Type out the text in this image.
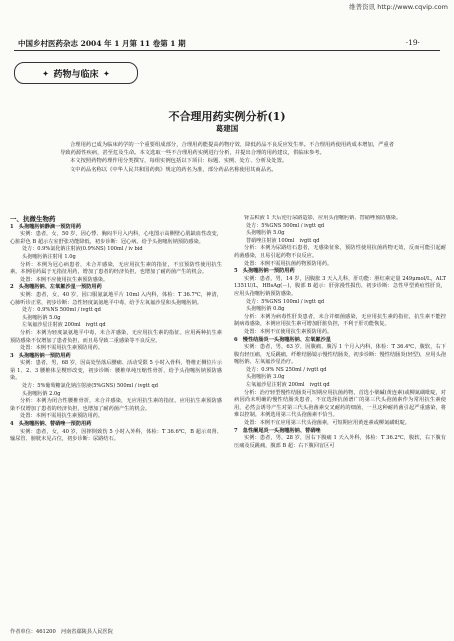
维普资讯 http://www.cqvip.com
中国乡村医药杂志 2004 年 1 月第 11 卷第 1 期	·19·
✦ 药物与临床 ✦
不合理用药实例分析(1)
葛建国

合理用药已成为临床药学的一个重要组成部分，合理用药能提高药物疗效，降低药品不良反应发生率。不合理用药使用药成本增加，严重者导致药源性疾病，甚至危及生命。本文选取一些不合理用药实例进行分析，并提出合理的用药建议，供临床参考。

本文按照药物药理作用分类撰写，每组实例包括以下项目：标题、实例、处方、分析及处置。

文中药品名称以《中华人民共和国药典》规定的药名为准，部分药品名称使用其商品名。

一、抗微生物药

1　头孢噻肟钠静滴一预防用药

实例：患者，女，50 岁，因心悸、胸闷半月入内科，心电图示高侧壁心肌缺血性改变，心脏彩色 B 超示左室舒张功能降低，初步诊断：冠心病。给予头孢噻肟钠预防感染。

处方：0.9%氯化钠注射液(0.9%NS) 100ml / iv bid

头孢噻肟钠注射用 1.0g

分析：本例为冠心病患者，未合并感染，无应用抗生素的指征，不宜预防性使用抗生素。本例用药属于无指征用药，增加了患者的经济负担，也增加了耐药菌产生的机会。

处置：本例不应使用抗生素预防感染。

2　头孢噻肟钠、左氧氟沙星一预防用药

实例：患者，女，40 岁，因口服氨氯地平片 10ml 入内科，体检：T 36.7℃，神清，心肺听诊正常，初步诊断：急性轻度氯氨地平中毒，给予左氧氟沙星和头孢噻肟钠。

处方：0.9%NS 500ml / ivgtt qd

头孢噻肟钠 5.0g

左氧氟沙星注射液 200ml　ivgtt qd

分析：本例为轻度氯氨地平中毒，未合并感染，无应用抗生素的指征。应用两种抗生素预防感染不仅增加了患者负担，而且易导致二重感染等不良反应。

处置：本例不需用抗生素预防用药。

3　头孢噻肟钠一预防用药

实例：患者，男，68 岁，因高处坠落后腰痛、活动受限 5 小时入骨科，脊椎正侧位片示第 1、2、3 腰椎体呈楔形改变，初步诊断：腰椎单纯压缩性骨折，给予头孢噻肟钠预防感染。

处方：5%葡萄糖氯化钠注射液(5%GNS) 500ml / ivgtt qd

头孢噻肟钠 2.0g

分析：本例为闭合性腰椎骨折，未合并感染，无应用抗生素的指征。应用抗生素预防感染不仅增加了患者的经济负担，也增加了耐药菌产生的机会。

处置：本例不需用抗生素预防用药。

4　头孢噻肟钠、替硝唑一预防用药

实例：患者，女，40 岁，因摔倒致伤 5 小时入外科，体检：T 36.6℃，B 超示双肾、输尿管、膀胱未见占位，初步诊断：尿路结石。

肾盂积液 1 天后逆行尿路造影，应用头孢噻肟钠、替硝唑预防感染。

处方：5%GNS 500ml / ivgtt qd

头孢噻肟钠 5.0g

替硝唑注射液 100ml　ivgtt qd

分析：本例为尿路结石患者，无感染征象，预防性使用抗菌药物无效，反而可能引起耐药菌感染，且易引起药物不良反应。

处置：本例不需用抗菌药物预防用药。

5　头孢噻肟钠一预防用药

实例：患者，男，14 岁，因腹胀 3 天入儿科，肝功能：胆红素定量 249μmol/L，ALT 1351U/L，HBsAg(－)，腹部 B 超示：肝弥漫性损伤，初步诊断：急性甲型黄疸性肝炎，应用头孢噻肟钠预防感染。

处方：5%GNS 100ml / ivgtt qd

头孢噻肟钠 0.8g

分析：本例为病毒性肝炎患者，未合并细菌感染，无应用抗生素的指征，抗生素不能控制病毒感染，本例应用抗生素可增加肝脏负担，不利于肝功能恢复。

处置：本例不宜使用抗生素预防用药。

6　慢性结肠炎一头孢噻肟钠、左氧氟沙星

实例：患者，男，63 岁，因腹痛、腹泻 1 个月入内科，体检：T 36.4℃，腹软，右下腹有轻压痛，无反跳痛，纤维结肠镜示慢性结肠炎，初步诊断：慢性结肠炎(轻型)，应用头孢噻肟钠、左氧氟沙星治疗。

处方：0.9% NS 250ml / ivgtt qd

头孢噻肟钠 3.0g

左氧氟沙星注射液 200ml　ivgtt qd

分析：治疗轻型慢性结肠炎可短期应用抗菌药物，首选小檗碱(黄连素)或柳氮磺吡啶，对病因尚未明确的慢性结肠炎患者，不宜选择抗菌谱广的第三代头孢菌素作为常用抗生素使用，必然会诱导产生对第三代头孢菌素交叉耐药的细菌，一旦这种耐药菌引起严重感染，将难以控制。本例选用第三代头孢菌素不恰当。

处置：本例不宜应用第三代头孢菌素，可短期应用黄连素或柳氮磺吡啶。

7　急性阑尾炎一头孢噻肟钠、替硝唑

实例：患者，男，28 岁，因右下腹痛 1 天入外科，体检：T 36.2℃，腹软，右下腹有压痛及反跳痛，腹部 B 超：右下腹回盲区可

作者单位：461200　河南省鄢陵县人民医院
